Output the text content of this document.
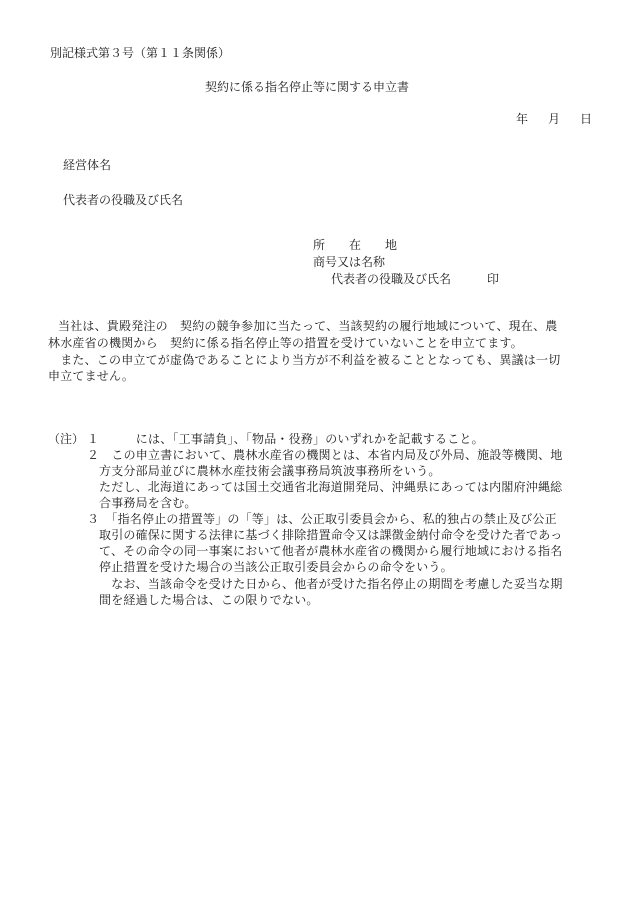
別記様式第３号（第１１条関係）
契約に係る指名停止等に関する申立書
年　月　日
経営体名
代表者の役職及び氏名
所　　在　　地
商号又は名称
代表者の役職及び氏名	印
当社は、貴殿発注の　契約の競争参加に当たって、当該契約の履行地域について、現在、農
林水産省の機関から　契約に係る指名停止等の措置を受けていないことを申立てます。
　また、この申立てが虚偽であることにより当方が不利益を被ることとなっても、異議は一切
申立てません。
（注） １　　　には、「工事請負」、「物品・役務」のいずれかを記載すること。
２　この申立書において、農林水産省の機関とは、本省内局及び外局、施設等機関、地
方支分部局並びに農林水産技術会議事務局筑波事務所をいう。
ただし、北海道にあっては国土交通省北海道開発局、沖縄県にあっては内閣府沖縄総
合事務局を含む。
３　「指名停止の措置等」の「等」は、公正取引委員会から、私的独占の禁止及び公正
取引の確保に関する法律に基づく排除措置命令又は課徴金納付命令を受けた者であっ
て、その命令の同一事案において他者が農林水産省の機関から履行地域における指名
停止措置を受けた場合の当該公正取引委員会からの命令をいう。
　なお、当該命令を受けた日から、他者が受けた指名停止の期間を考慮した妥当な期
間を経過した場合は、この限りでない。
